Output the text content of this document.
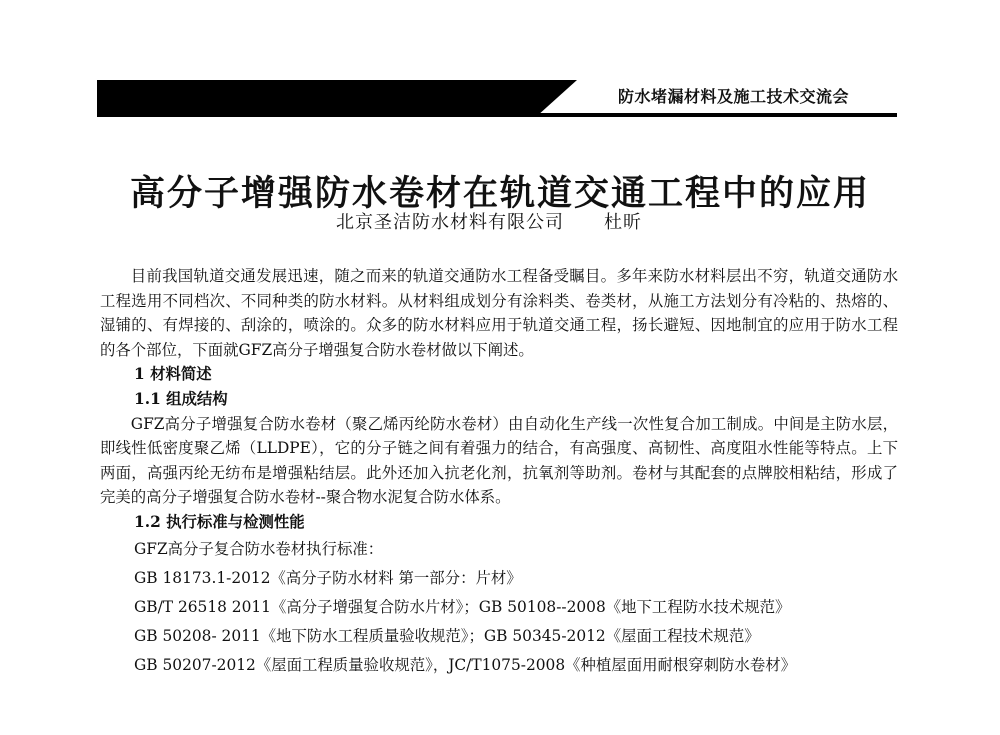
防水堵漏材料及施工技术交流会
高分子增强防水卷材在轨道交通工程中的应用
北京圣洁防水材料有限公司 杜昕

目前我国轨道交通发展迅速，随之而来的轨道交通防水工程备受瞩目。多年来防水材料层出不穷，轨道交通防水工程选用不同档次、不同种类的防水材料。从材料组成划分有涂料类、卷类材，从施工方法划分有冷粘的、热熔的、湿铺的、有焊接的、刮涂的，喷涂的。众多的防水材料应用于轨道交通工程，扬长避短、因地制宜的应用于防水工程的各个部位，下面就GFZ高分子增强复合防水卷材做以下阐述。

1 材料简述
1.1 组成结构

GFZ高分子增强复合防水卷材（聚乙烯丙纶防水卷材）由自动化生产线一次性复合加工制成。中间是主防水层，即线性低密度聚乙烯（LLDPE），它的分子链之间有着强力的结合，有高强度、高韧性、高度阻水性能等特点。上下两面，高强丙纶无纺布是增强粘结层。此外还加入抗老化剂，抗氧剂等助剂。卷材与其配套的点牌胶相粘结，形成了完美的高分子增强复合防水卷材--聚合物水泥复合防水体系。

1.2 执行标准与检测性能
GFZ高分子复合防水卷材执行标准：
GB 18173.1-2012《高分子防水材料 第一部分：片材》
GB/T 26518 2011《高分子增强复合防水片材》；GB 50108--2008《地下工程防水技术规范》
GB 50208- 2011《地下防水工程质量验收规范》；GB 50345-2012《屋面工程技术规范》
GB 50207-2012《屋面工程质量验收规范》，JC/T1075-2008《种植屋面用耐根穿刺防水卷材》
